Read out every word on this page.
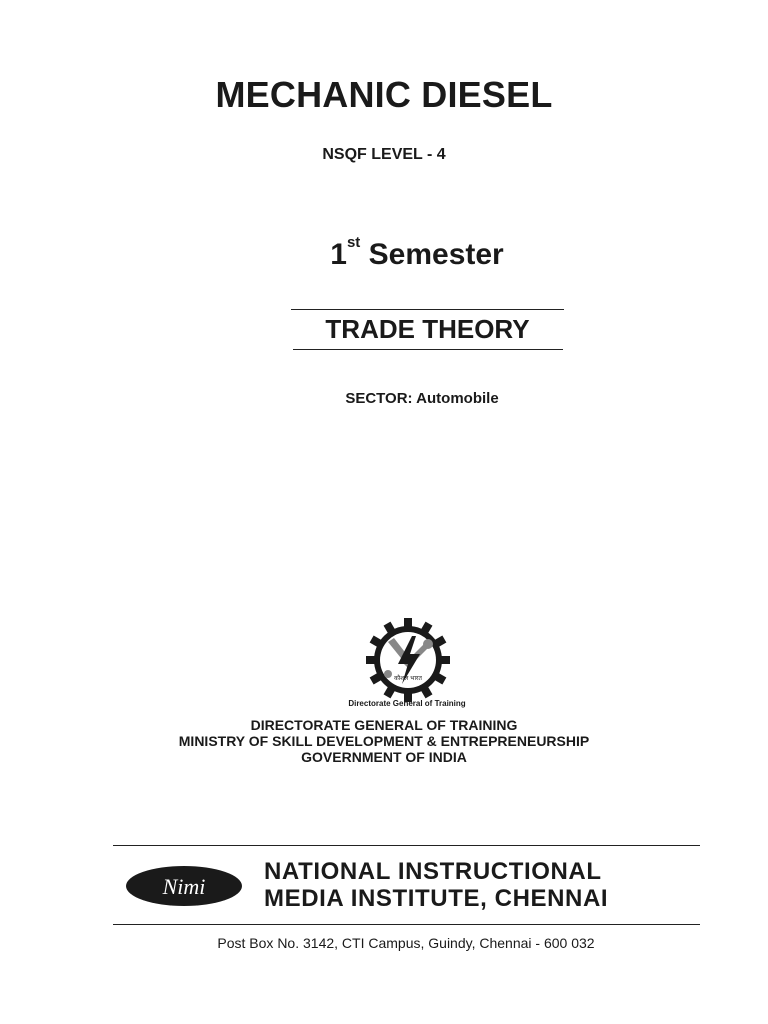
MECHANIC DIESEL
NSQF LEVEL - 4
1st Semester
TRADE THEORY
SECTOR: Automobile
कौशल भारत
Directorate General of Training
DIRECTORATE GENERAL OF TRAINING
MINISTRY OF SKILL DEVELOPMENT & ENTREPRENEURSHIP
GOVERNMENT OF INDIA
Nimi
NATIONAL INSTRUCTIONAL
MEDIA INSTITUTE, CHENNAI
Post Box No. 3142, CTI Campus, Guindy, Chennai - 600 032
